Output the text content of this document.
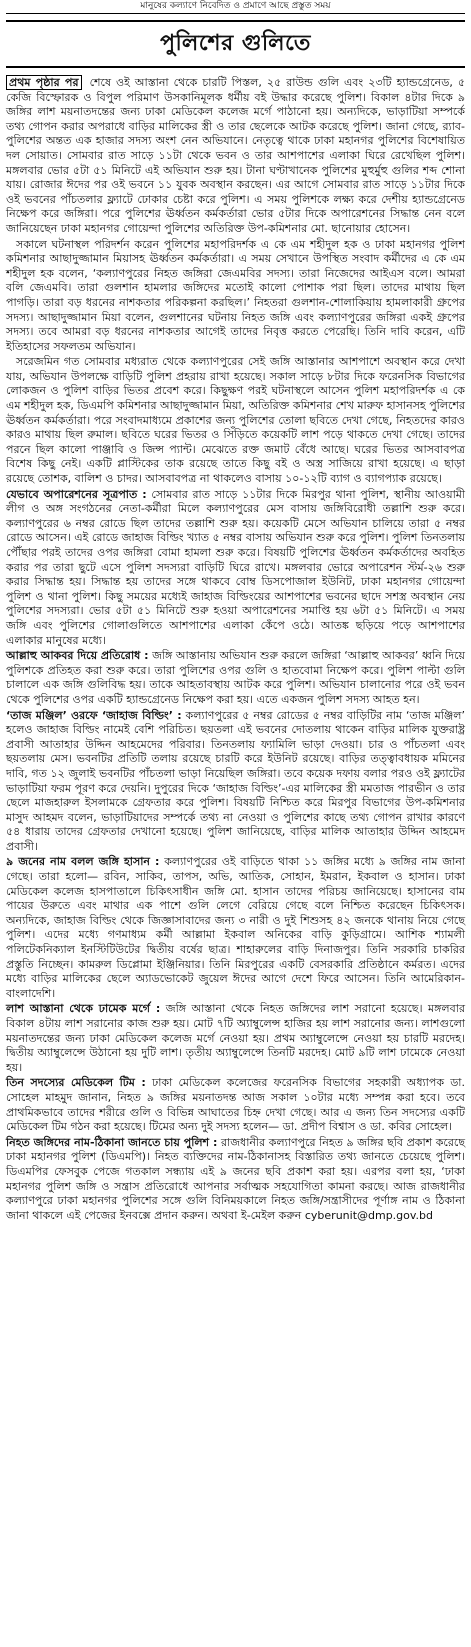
মানুষের কল্যাণে নিবেদিত ও প্রমাণে আছে প্রস্তুত সময়
পুলিশের গুলিতে

প্রথম পৃষ্ঠার পর শেষে ওই আস্তানা থেকে চারটি পিস্তল, ২৫ রাউন্ড গুলি এবং ২৩টি হ্যান্ডগ্রেনেড, ৫ কেজি বিস্ফোরক ও বিপুল পরিমাণ উসকানিমূলক ধর্মীয় বই উদ্ধার করেছে পুলিশ। বিকাল ৪টার দিকে ৯ জঙ্গির লাশ ময়নাতদন্তের জন্য ঢাকা মেডিকেল কলেজ মর্গে পাঠানো হয়। অন্যদিকে, ভাড়াটিয়া সম্পর্কে তথ্য গোপন করার অপরাধে বাড়ির মালিকের স্ত্রী ও তার ছেলেকে আটক করেছে পুলিশ। জানা গেছে, র‍্যাব-পুলিশের অন্তত এক হাজার সদস্য অংশ নেন অভিযানে। নেতৃত্বে থাকে ঢাকা মহানগর পুলিশের বিশেষায়িত দল সোয়াত। সোমবার রাত সাড়ে ১১টা থেকে ভবন ও তার আশপাশের এলাকা ঘিরে রেখেছিল পুলিশ। মঙ্গলবার ভোর ৫টা ৫১ মিনিটে এই অভিযান শুরু হয়। টানা ঘণ্টাখানেক পুলিশের মুহুর্মুহু গুলির শব্দ শোনা যায়। রোজার ঈদের পর ওই ভবনে ১১ যুবক অবস্থান করছেন। এর আগে সোমবার রাত সাড়ে ১১টার দিকে ওই ভবনের পাঁচতলার ফ্ল্যাটে ঢোকার চেষ্টা করে পুলিশ। এ সময় পুলিশকে লক্ষ্য করে দেশীয় হ্যান্ডগ্রেনেড নিক্ষেপ করে জঙ্গিরা। পরে পুলিশের ঊর্ধ্বতন কর্মকর্তারা ভোর ৫টার দিকে অপারেশনের সিদ্ধান্ত নেন বলে জানিয়েছেন ঢাকা মহানগর গোয়েন্দা পুলিশের অতিরিক্ত উপ-কমিশনার মো. ছানোয়ার হোসেন।

সকালে ঘটনাস্থল পরিদর্শন করেন পুলিশের মহাপরিদর্শক এ কে এম শহীদুল হক ও ঢাকা মহানগর পুলিশ কমিশনার আছাদুজ্জামান মিয়াসহ ঊর্ধ্বতন কর্মকর্তারা। এ সময় সেখানে উপস্থিত সংবাদ কর্মীদের এ কে এম শহীদুল হক বলেন, ‘কল্যাণপুরের নিহত জঙ্গিরা জেএমবির সদস্য। তারা নিজেদের আইএস বলে। আমরা বলি জেএমবি। তারা গুলশান হামলার জঙ্গিদের মতোই কালো পোশাক পরা ছিল। তাদের মাথায় ছিল পাগড়ি। তারা বড় ধরনের নাশকতার পরিকল্পনা করছিল।’ নিহতরা গুলশান-শোলাকিয়ায় হামলাকারী গ্রুপের সদস্য। আছাদুজ্জামান মিয়া বলেন, গুলশানের ঘটনায় নিহত জঙ্গি এবং কল্যাণপুরের জঙ্গিরা একই গ্রুপের সদস্য। তবে আমরা বড় ধরনের নাশকতার আগেই তাদের নিবৃত্ত করতে পেরেছি। তিনি দাবি করেন, এটি ইতিহাসের সফলতম অভিযান।

সরেজমিন গত সোমবার মধ্যরাত থেকে কল্যাণপুরের সেই জঙ্গি আস্তানার আশপাশে অবস্থান করে দেখা যায়, অভিযান উপলক্ষে বাড়িটি পুলিশ প্রহরায় রাখা হয়েছে। সকাল সাড়ে ৮টার দিকে ফরেনসিক বিভাগের লোকজন ও পুলিশ বাড়ির ভিতর প্রবেশ করে। কিছুক্ষণ পরই ঘটনাস্থলে আসেন পুলিশ মহাপরিদর্শক এ কে এম শহীদুল হক, ডিএমপি কমিশনার আছাদুজ্জামান মিয়া, অতিরিক্ত কমিশনার শেখ মারুফ হাসানসহ পুলিশের ঊর্ধ্বতন কর্মকর্তারা। পরে সংবাদমাধ্যমে প্রকাশের জন্য পুলিশের তোলা ছবিতে দেখা গেছে, নিহতদের কারও কারও মাথায় ছিল রুমাল। ছবিতে ঘরের ভিতর ও সিঁড়িতে কয়েকটি লাশ পড়ে থাকতে দেখা গেছে। তাদের পরনে ছিল কালো পাঞ্জাবি ও জিন্স প্যান্ট। মেঝেতে রক্ত জমাট বেঁধে আছে। ঘরের ভিতর আসবাবপত্র বিশেষ কিছু নেই। একটি প্লাস্টিকের তাক রয়েছে তাতে কিছু বই ও অস্ত্র সাজিয়ে রাখা হয়েছে। এ ছাড়া রয়েছে তোশক, বালিশ ও চাদর। আসবাবপত্র না থাকলেও বাসায় ১০-১২টি ব্যাগ ও ব্যাগপ্যাক রয়েছে।

যেভাবে অপারেশনের সূত্রপাত : সোমবার রাত সাড়ে ১১টার দিকে মিরপুর থানা পুলিশ, স্থানীয় আওয়ামী লীগ ও অঙ্গ সংগঠনের নেতা-কর্মীরা মিলে কল্যাণপুরের মেস বাসায় জঙ্গিবিরোধী তল্লাশি শুরু করে। কল্যাণপুরের ৬ নম্বর রোডে ছিল তাদের তল্লাশি শুরু হয়। কয়েকটি মেসে অভিযান চালিয়ে তারা ৫ নম্বর রোডে আসেন। এই রোডে জাহাজ বিল্ডিং খ্যাত ৫ নম্বর বাসায় অভিযান শুরু করে পুলিশ। পুলিশ তিনতলায় পৌঁছার পরই তাদের ওপর জঙ্গিরা বোমা হামলা শুরু করে। বিষয়টি পুলিশের ঊর্ধ্বতন কর্মকর্তাদের অবহিত করার পর তারা ছুটে এসে পুলিশ সদস্যরা বাড়িটি ঘিরে রাখে। মঙ্গলবার ভোরে অপারেশন স্টর্ম-২৬ শুরু করার সিদ্ধান্ত হয়। সিদ্ধান্ত হয় তাদের সঙ্গে থাকবে বোম্ব ডিসপোজাল ইউনিট, ঢাকা মহানগর গোয়েন্দা পুলিশ ও থানা পুলিশ। কিছু সময়ের মধ্যেই জাহাজ বিল্ডিংয়ের আশপাশের ভবনের ছাদে সশস্ত্র অবস্থান নেয় পুলিশের সদস্যরা। ভোর ৫টা ৫১ মিনিটে শুরু হওয়া অপারেশনের সমাপ্তি হয় ৬টা ৫১ মিনিটে। এ সময় জঙ্গি এবং পুলিশের গোলাগুলিতে আশপাশের এলাকা কেঁপে ওঠে। আতঙ্ক ছড়িয়ে পড়ে আশপাশের এলাকার মানুষের মধ্যে।

আল্লাহু আকবর দিয়ে প্রতিরোধ : জঙ্গি আস্তানায় অভিযান শুরু করলে জঙ্গিরা ‘আল্লাহু আকবর’ ধ্বনি দিয়ে পুলিশকে প্রতিহত করা শুরু করে। তারা পুলিশের ওপর গুলি ও হাতবোমা নিক্ষেপ করে। পুলিশ পাল্টা গুলি চালালে এক জঙ্গি গুলিবিদ্ধ হয়। তাকে আহতাবস্থায় আটক করে পুলিশ। অভিযান চালানোর পরে ওই ভবন থেকে পুলিশের ওপর একটি হ্যান্ডগ্রেনেড নিক্ষেপ করা হয়। এতে একজন পুলিশ সদস্য আহত হন।

‘তাজ মঞ্জিল’ ওরফে ‘জাহাজ বিল্ডিং’ : কল্যাণপুরের ৫ নম্বর রোডের ৫ নম্বর বাড়িটির নাম ‘তাজ মঞ্জিল’ হলেও জাহাজ বিল্ডিং নামেই বেশি পরিচিত। ছয়তলা এই ভবনের দোতলায় থাকেন বাড়ির মালিক যুক্তরাষ্ট্র প্রবাসী আতাহার উদ্দিন আহমেদের পরিবার। তিনতলায় ফ্যামিলি ভাড়া দেওয়া। চার ও পাঁচতলা এবং ছয়তলায় মেস। ভবনটির প্রতিটি তলায় রয়েছে চারটি করে ইউনিট রয়েছে। বাড়ির তত্ত্বাবধায়ক মমিনের দাবি, গত ১২ জুলাই ভবনটির পাঁচতলা ভাড়া নিয়েছিল জঙ্গিরা। তবে কয়েক দফায় বলার পরও ওই ফ্ল্যাটের ভাড়াটিয়া ফরম পূরণ করে দেয়নি। দুপুরের দিকে ‘জাহাজ বিল্ডিং’-এর মালিকের স্ত্রী মমতাজ পারভীন ও তার ছেলে মাজহারুল ইসলামকে গ্রেফতার করে পুলিশ। বিষয়টি নিশ্চিত করে মিরপুর বিভাগের উপ-কমিশনার মাসুদ আহমদ বলেন, ভাড়াটিয়াদের সম্পর্কে তথ্য না নেওয়া ও পুলিশের কাছে তথ্য গোপন রাখার কারণে ৫৪ ধারায় তাদের গ্রেফতার দেখানো হয়েছে। পুলিশ জানিয়েছে, বাড়ির মালিক আতাহার উদ্দিন আহমেদ প্রবাসী।

৯ জনের নাম বলল জঙ্গি হাসান : কল্যাণপুরের ওই বাড়িতে থাকা ১১ জঙ্গির মধ্যে ৯ জঙ্গির নাম জানা গেছে। তারা হলো— রবিন, সাকিব, তাপস, অভি, আতিক, সোহান, ইমরান, ইকবাল ও হাসান। ঢাকা মেডিকেল কলেজ হাসপাতালে চিকিৎসাধীন জঙ্গি মো. হাসান তাদের পরিচয় জানিয়েছে। হাসানের বাম পায়ের উরুতে এবং মাথার এক পাশে গুলি লেগে বেরিয়ে গেছে বলে নিশ্চিত করেছেন চিকিৎসক। অন্যদিকে, জাহাজ বিল্ডিং থেকে জিজ্ঞাসাবাদের জন্য ৩ নারী ও দুই শিশুসহ ৪২ জনকে থানায় নিয়ে গেছে পুলিশ। এদের মধ্যে গণমাধ্যম কর্মী আল্লামা ইকবাল অনিকের বাড়ি কুড়িগ্রামে। আশিক শ্যামলী পলিটেকনিক্যাল ইনস্টিটিউটের দ্বিতীয় বর্ষের ছাত্র। শাহারুলের বাড়ি দিনাজপুর। তিনি সরকারি চাকরির প্রস্তুতি নিচ্ছেন। কামরুল ডিপ্লোমা ইঞ্জিনিয়ার। তিনি মিরপুরের একটি বেসরকারি প্রতিষ্ঠানে কর্মরত। এদের মধ্যে বাড়ির মালিকের ছেলে অ্যাডভোকেট জুয়েল ঈদের আগে দেশে ফিরে আসেন। তিনি আমেরিকান-বাংলাদেশি।

লাশ আস্তানা থেকে ঢামেক মর্গে : জঙ্গি আস্তানা থেকে নিহত জঙ্গিদের লাশ সরানো হয়েছে। মঙ্গলবার বিকাল ৪টায় লাশ সরানোর কাজ শুরু হয়। মোট ৭টি অ্যাম্বুলেন্স হাজির হয় লাশ সরানোর জন্য। লাশগুলো ময়নাতদন্তের জন্য ঢাকা মেডিকেল কলেজ মর্গে নেওয়া হয়। প্রথম অ্যাম্বুলেন্সে নেওয়া হয় চারটি মরদেহ। দ্বিতীয় অ্যাম্বুলেন্সে উঠানো হয় দুটি লাশ। তৃতীয় অ্যাম্বুলেন্সে তিনটি মরদেহ। মোট ৯টি লাশ ঢামেকে নেওয়া হয়।

তিন সদস্যের মেডিকেল টিম : ঢাকা মেডিকেল কলেজের ফরেনসিক বিভাগের সহকারী অধ্যাপক ডা. সোহেল মাহমুদ জানান, নিহত ৯ জঙ্গির ময়নাতদন্ত আজ সকাল ১০টার মধ্যে সম্পন্ন করা হবে। তবে প্রাথমিকভাবে তাদের শরীরে গুলি ও বিভিন্ন আঘাতের চিহ্ন দেখা গেছে। আর এ জন্য তিন সদস্যের একটি মেডিকেল টিম গঠন করা হয়েছে। টিমের অন্য দুই সদস্য হলেন— ডা. প্রদীপ বিশ্বাস ও ডা. কবির সোহেল।

নিহত জঙ্গিদের নাম-ঠিকানা জানতে চায় পুলিশ : রাজধানীর কল্যাণপুরে নিহত ৯ জঙ্গির ছবি প্রকাশ করেছে ঢাকা মহানগর পুলিশ (ডিএমপি)। নিহত ব্যক্তিদের নাম-ঠিকানাসহ বিস্তারিত তথ্য জানতে চেয়েছে পুলিশ। ডিএমপির ফেসবুক পেজে গতকাল সন্ধ্যায় এই ৯ জনের ছবি প্রকাশ করা হয়। এরপর বলা হয়, ‘ঢাকা মহানগর পুলিশ জঙ্গি ও সন্ত্রাস প্রতিরোধে আপনার সর্বাত্মক সহযোগিতা কামনা করছে। আজ রাজধানীর কল্যাণপুরে ঢাকা মহানগর পুলিশের সঙ্গে গুলি বিনিময়কালে নিহত জঙ্গি/সন্ত্রাসীদের পূর্ণাঙ্গ নাম ও ঠিকানা জানা থাকলে এই পেজের ইনবক্সে প্রদান করুন। অথবা ই-মেইল করুন cyberunit@dmp.gov.bd
